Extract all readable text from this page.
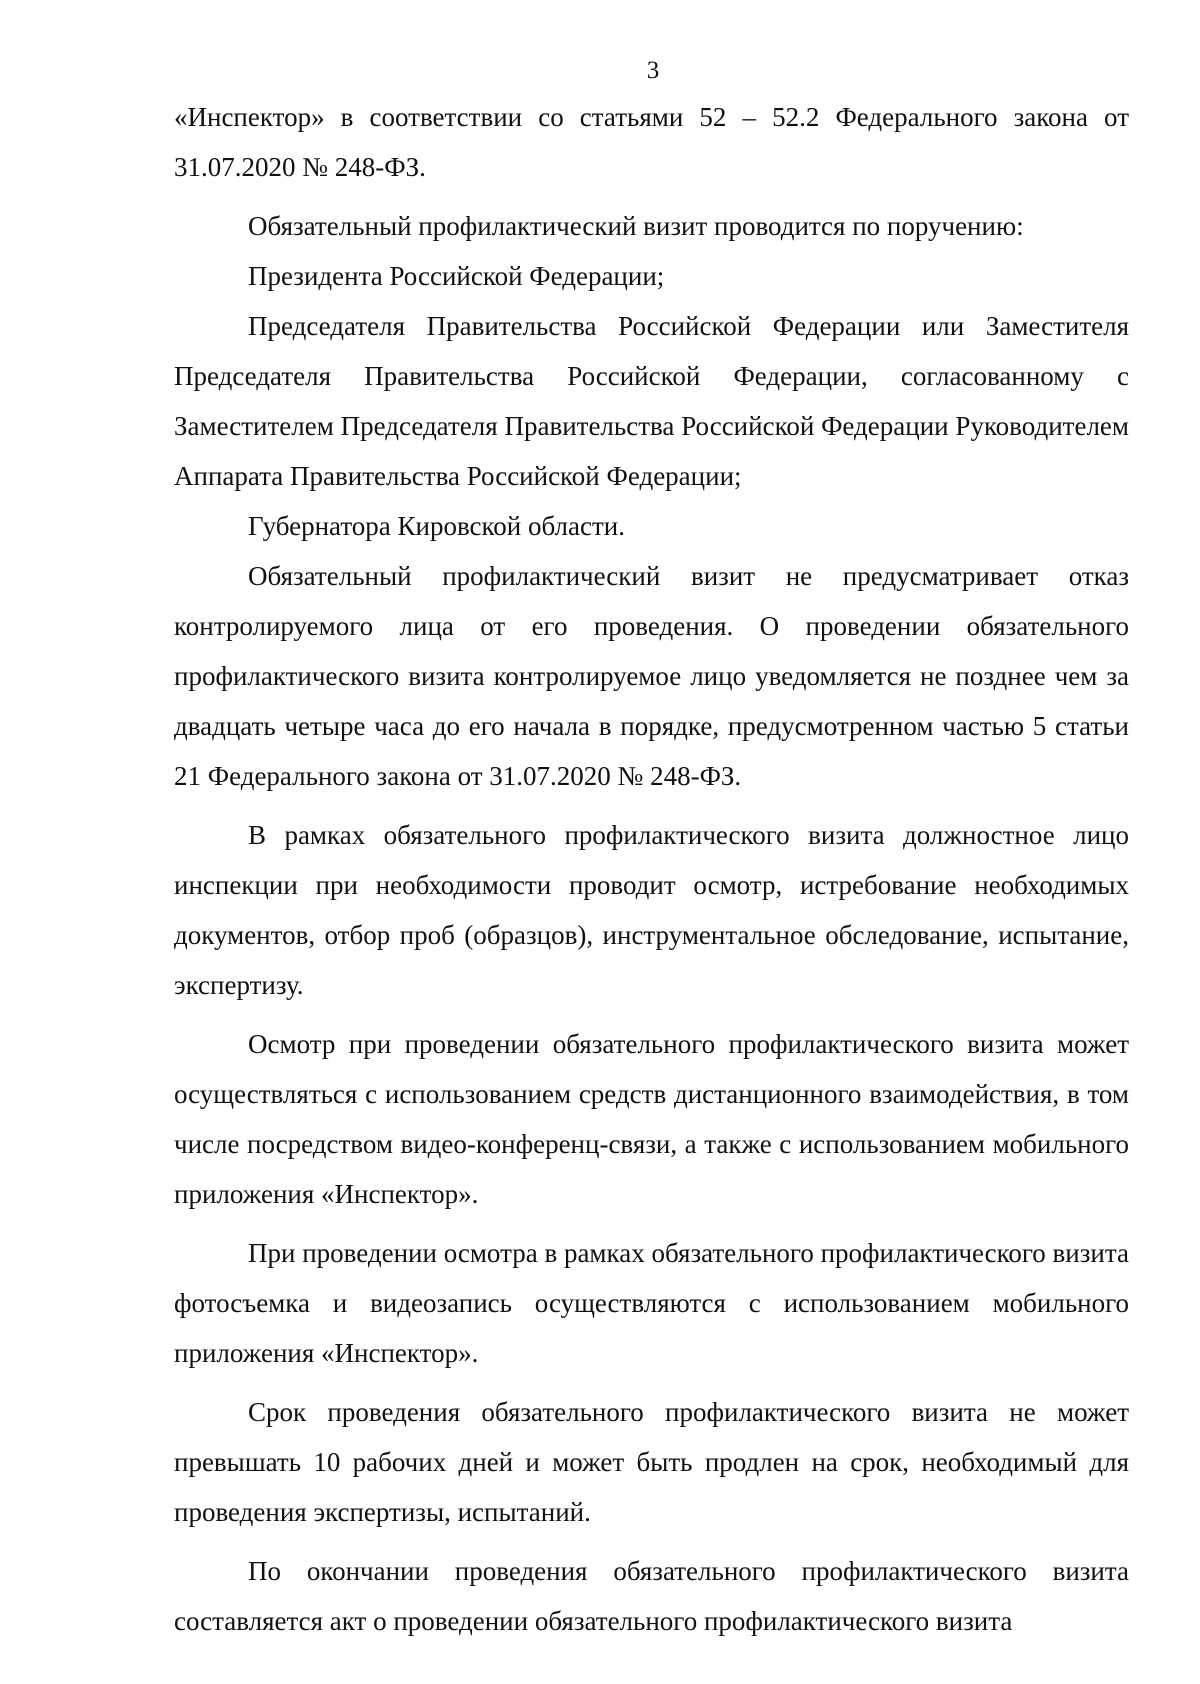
3

«Инспектор» в соответствии со статьями 52 – 52.2 Федерального закона от 31.07.2020 № 248-ФЗ.

Обязательный профилактический визит проводится по поручению:

Президента Российской Федерации;

Председателя Правительства Российской Федерации или Заместителя Председателя Правительства Российской Федерации, согласованному с Заместителем Председателя Правительства Российской Федерации Руководителем Аппарата Правительства Российской Федерации;

Губернатора Кировской области.

Обязательный профилактический визит не предусматривает отказ контролируемого лица от его проведения. О проведении обязательного профилактического визита контролируемое лицо уведомляется не позднее чем за двадцать четыре часа до его начала в порядке, предусмотренном частью 5 статьи 21 Федерального закона от 31.07.2020 № 248-ФЗ.

В рамках обязательного профилактического визита должностное лицо инспекции при необходимости проводит осмотр, истребование необходимых документов, отбор проб (образцов), инструментальное обследование, испытание, экспертизу.

Осмотр при проведении обязательного профилактического визита может осуществляться с использованием средств дистанционного взаимодействия, в том числе посредством видео-конференц-связи, а также с использованием мобильного приложения «Инспектор».

При проведении осмотра в рамках обязательного профилактического визита фотосъемка и видеозапись осуществляются с использованием мобильного приложения «Инспектор».

Срок проведения обязательного профилактического визита не может превышать 10 рабочих дней и может быть продлен на срок, необходимый для проведения экспертизы, испытаний.

По окончании проведения обязательного профилактического визита составляется акт о проведении обязательного профилактического визита
